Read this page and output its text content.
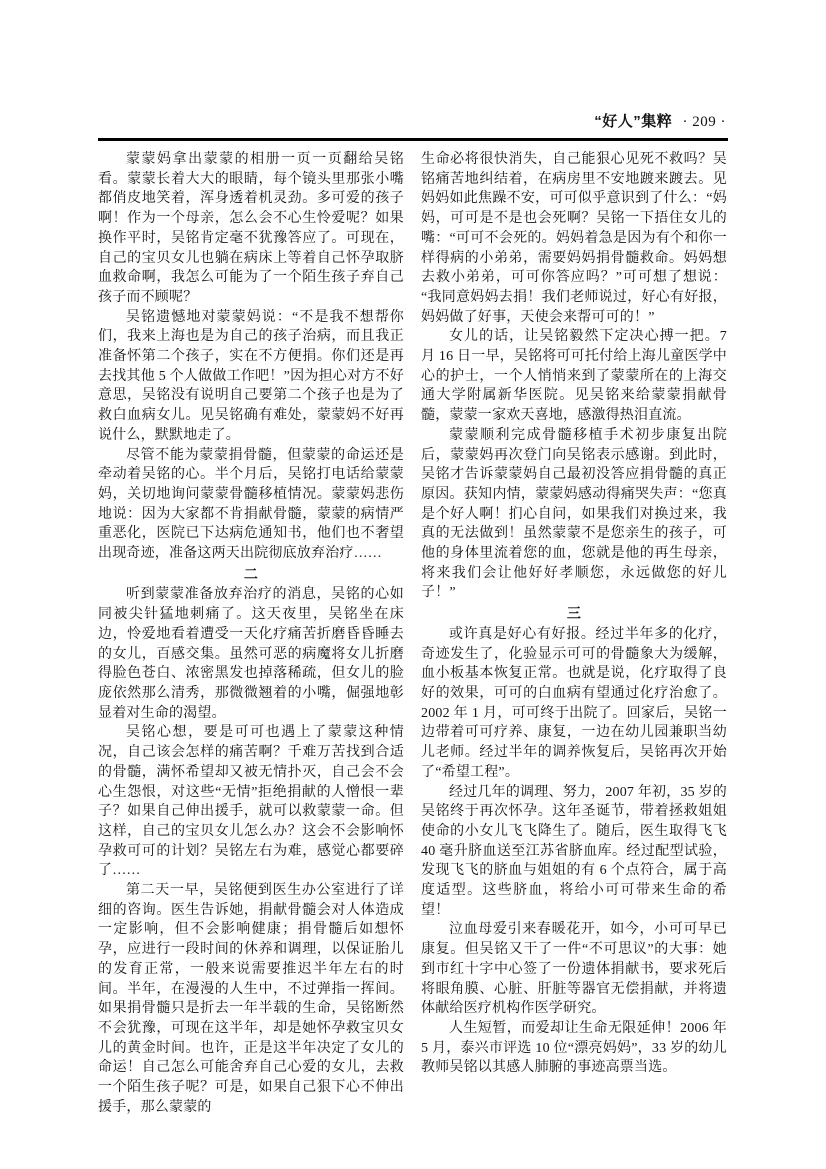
“好人”集粹 · 209 ·

蒙蒙妈拿出蒙蒙的相册一页一页翻给吴铭看。蒙蒙长着大大的眼睛，每个镜头里那张小嘴都俏皮地笑着，浑身透着机灵劲。多可爱的孩子啊！作为一个母亲，怎么会不心生怜爱呢？如果换作平时，吴铭肯定毫不犹豫答应了。可现在，自己的宝贝女儿也躺在病床上等着自己怀孕取脐血救命啊，我怎么可能为了一个陌生孩子弃自己孩子而不顾呢？

吴铭遗憾地对蒙蒙妈说：“不是我不想帮你们，我来上海也是为自己的孩子治病，而且我正准备怀第二个孩子，实在不方便捐。你们还是再去找其他 5 个人做做工作吧！”因为担心对方不好意思，吴铭没有说明自己要第二个孩子也是为了救白血病女儿。见吴铭确有难处，蒙蒙妈不好再说什么，默默地走了。

尽管不能为蒙蒙捐骨髓，但蒙蒙的命运还是牵动着吴铭的心。半个月后，吴铭打电话给蒙蒙妈，关切地询问蒙蒙骨髓移植情况。蒙蒙妈悲伤地说：因为大家都不肯捐献骨髓，蒙蒙的病情严重恶化，医院已下达病危通知书，他们也不奢望出现奇迹，准备这两天出院彻底放弃治疗……

二

听到蒙蒙准备放弃治疗的消息，吴铭的心如同被尖针猛地刺痛了。这天夜里，吴铭坐在床边，怜爱地看着遭受一天化疗痛苦折磨昏昏睡去的女儿，百感交集。虽然可恶的病魔将女儿折磨得脸色苍白、浓密黑发也掉落稀疏，但女儿的脸庞依然那么清秀，那微微翘着的小嘴，倔强地彰显着对生命的渴望。

吴铭心想，要是可可也遇上了蒙蒙这种情况，自己该会怎样的痛苦啊？千难万苦找到合适的骨髓，满怀希望却又被无情扑灭，自己会不会心生怨恨，对这些“无情”拒绝捐献的人憎恨一辈子？如果自己伸出援手，就可以救蒙蒙一命。但这样，自己的宝贝女儿怎么办？这会不会影响怀孕救可可的计划？吴铭左右为难，感觉心都要碎了……

第二天一早，吴铭便到医生办公室进行了详细的咨询。医生告诉她，捐献骨髓会对人体造成一定影响，但不会影响健康；捐骨髓后如想怀孕，应进行一段时间的休养和调理，以保证胎儿的发育正常，一般来说需要推迟半年左右的时间。半年，在漫漫的人生中，不过弹指一挥间。如果捐骨髓只是折去一年半载的生命，吴铭断然不会犹豫，可现在这半年，却是她怀孕救宝贝女儿的黄金时间。也许，正是这半年决定了女儿的命运！自己怎么可能舍弃自己心爱的女儿，去救一个陌生孩子呢？可是，如果自己狠下心不伸出援手，那么蒙蒙的

生命必将很快消失，自己能狠心见死不救吗？吴铭痛苦地纠结着，在病房里不安地踱来踱去。见妈妈如此焦躁不安，可可似乎意识到了什么：“妈妈，可可是不是也会死啊？吴铭一下捂住女儿的嘴：“可可不会死的。妈妈着急是因为有个和你一样得病的小弟弟，需要妈妈捐骨髓救命。妈妈想去救小弟弟，可可你答应吗？”可可想了想说：“我同意妈妈去捐！我们老师说过，好心有好报，妈妈做了好事，天使会来帮可可的！”

女儿的话，让吴铭毅然下定决心搏一把。7 月 16 日一早，吴铭将可可托付给上海儿童医学中心的护士，一个人悄悄来到了蒙蒙所在的上海交通大学附属新华医院。见吴铭来给蒙蒙捐献骨髓，蒙蒙一家欢天喜地，感激得热泪直流。

蒙蒙顺利完成骨髓移植手术初步康复出院后，蒙蒙妈再次登门向吴铭表示感谢。到此时，吴铭才告诉蒙蒙妈自己最初没答应捐骨髓的真正原因。获知内情，蒙蒙妈感动得痛哭失声：“您真是个好人啊！扪心自问，如果我们对换过来，我真的无法做到！虽然蒙蒙不是您亲生的孩子，可他的身体里流着您的血，您就是他的再生母亲，将来我们会让他好好孝顺您，永远做您的好儿子！”

三

或许真是好心有好报。经过半年多的化疗，奇迹发生了，化验显示可可的骨髓象大为缓解，血小板基本恢复正常。也就是说，化疗取得了良好的效果，可可的白血病有望通过化疗治愈了。2002 年 1 月，可可终于出院了。回家后，吴铭一边带着可可疗养、康复，一边在幼儿园兼职当幼儿老师。经过半年的调养恢复后，吴铭再次开始了“希望工程”。

经过几年的调理、努力，2007 年初，35 岁的吴铭终于再次怀孕。这年圣诞节，带着拯救姐姐使命的小女儿飞飞降生了。随后，医生取得飞飞 40 毫升脐血送至江苏省脐血库。经过配型试验，发现飞飞的脐血与姐姐的有 6 个点符合，属于高度适型。这些脐血，将给小可可带来生命的希望！

泣血母爱引来春暖花开，如今，小可可早已康复。但吴铭又干了一件“不可思议”的大事：她到市红十字中心签了一份遗体捐献书，要求死后将眼角膜、心脏、肝脏等器官无偿捐献，并将遗体献给医疗机构作医学研究。

人生短暂，而爱却让生命无限延伸！2006 年 5 月，泰兴市评选 10 位“漂亮妈妈”，33 岁的幼儿教师吴铭以其感人肺腑的事迹高票当选。
